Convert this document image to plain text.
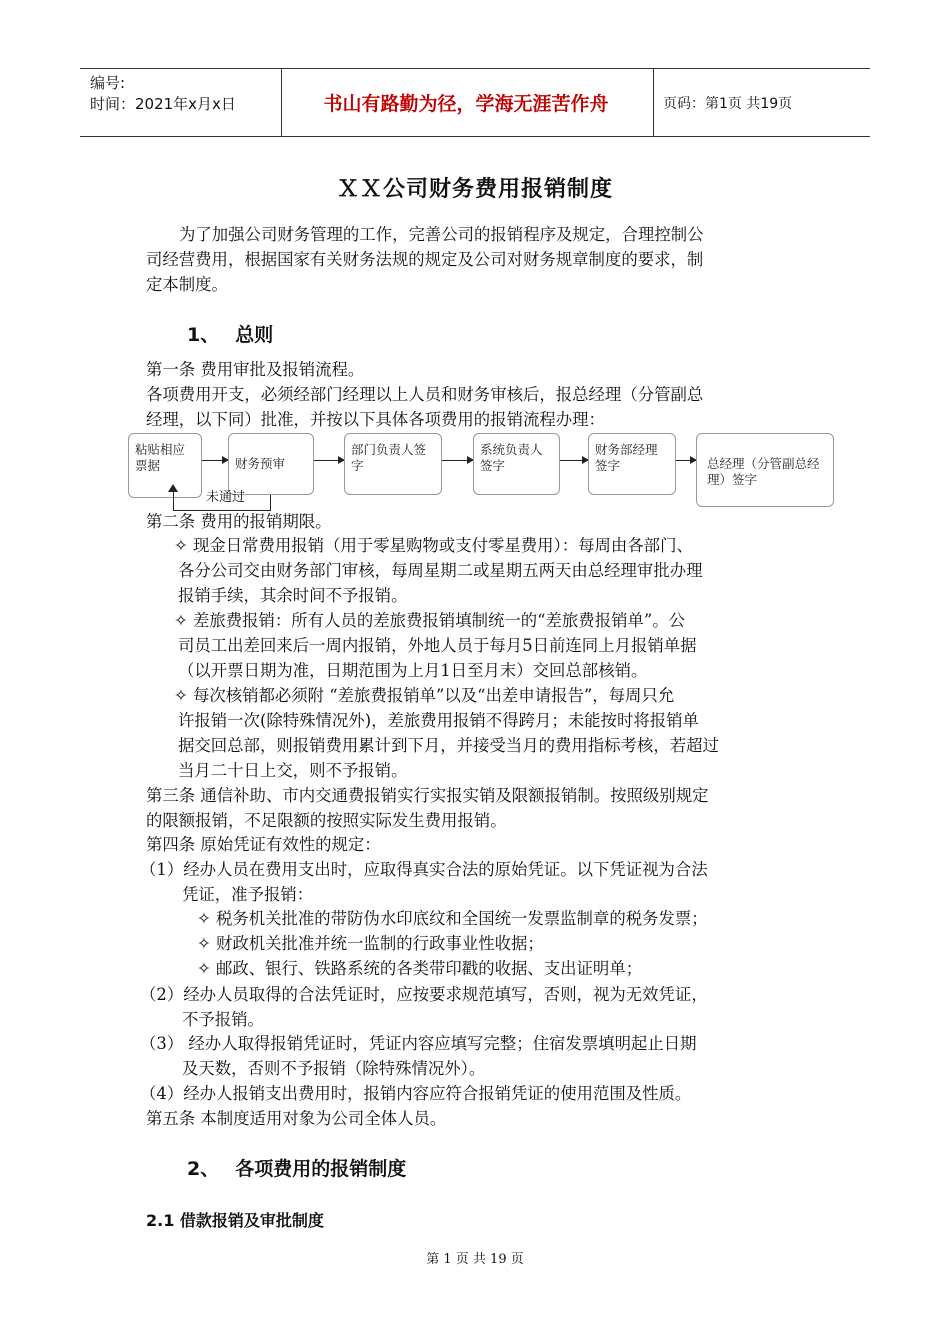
编号:
时间：2021年x月x日	书山有路勤为径，学海无涯苦作舟	页码：第1页 共19页
ＸＸ公司财务费用报销制度
为了加强公司财务管理的工作，完善公司的报销程序及规定，合理控制公
司经营费用，根据国家有关财务法规的规定及公司对财务规章制度的要求，制
定本制度。
1、 总则
第一条 费用审批及报销流程。
各项费用开支，必须经部门经理以上人员和财务审核后，报总经理（分管副总
经理，以下同）批准，并按以下具体各项费用的报销流程办理：
粘贴相应票据	财务预审
部门负责人签字
系统负责人签字
财务部经理签字	总经理（分管副总经理）签字
未通过
第二条 费用的报销期限。
✧ 现金日常费用报销（用于零星购物或支付零星费用）：每周由各部门、
各分公司交由财务部门审核，每周星期二或星期五两天由总经理审批办理
报销手续，其余时间不予报销。
✧ 差旅费报销：所有人员的差旅费报销填制统一的“差旅费报销单”。公
司员工出差回来后一周内报销，外地人员于每月5日前连同上月报销单据
（以开票日期为准，日期范围为上月1日至月末）交回总部核销。
✧ 每次核销都必须附 “差旅费报销单”以及“出差申请报告”，每周只允
许报销一次(除特殊情况外)，差旅费用报销不得跨月；未能按时将报销单
据交回总部，则报销费用累计到下月，并接受当月的费用指标考核，若超过
当月二十日上交，则不予报销。
第三条 通信补助、市内交通费报销实行实报实销及限额报销制。按照级别规定
的限额报销，不足限额的按照实际发生费用报销。
第四条 原始凭证有效性的规定：
（1）经办人员在费用支出时，应取得真实合法的原始凭证。以下凭证视为合法
凭证，准予报销：
✧ 税务机关批准的带防伪水印底纹和全国统一发票监制章的税务发票；
✧ 财政机关批准并统一监制的行政事业性收据；
✧ 邮政、银行、铁路系统的各类带印戳的收据、支出证明单；
（2）经办人员取得的合法凭证时，应按要求规范填写，否则，视为无效凭证，
不予报销。
（3） 经办人取得报销凭证时，凭证内容应填写完整；住宿发票填明起止日期
及天数，否则不予报销（除特殊情况外）。
（4）经办人报销支出费用时，报销内容应符合报销凭证的使用范围及性质。
第五条 本制度适用对象为公司全体人员。
2、 各项费用的报销制度
2.1 借款报销及审批制度
第 1 页 共 19 页
